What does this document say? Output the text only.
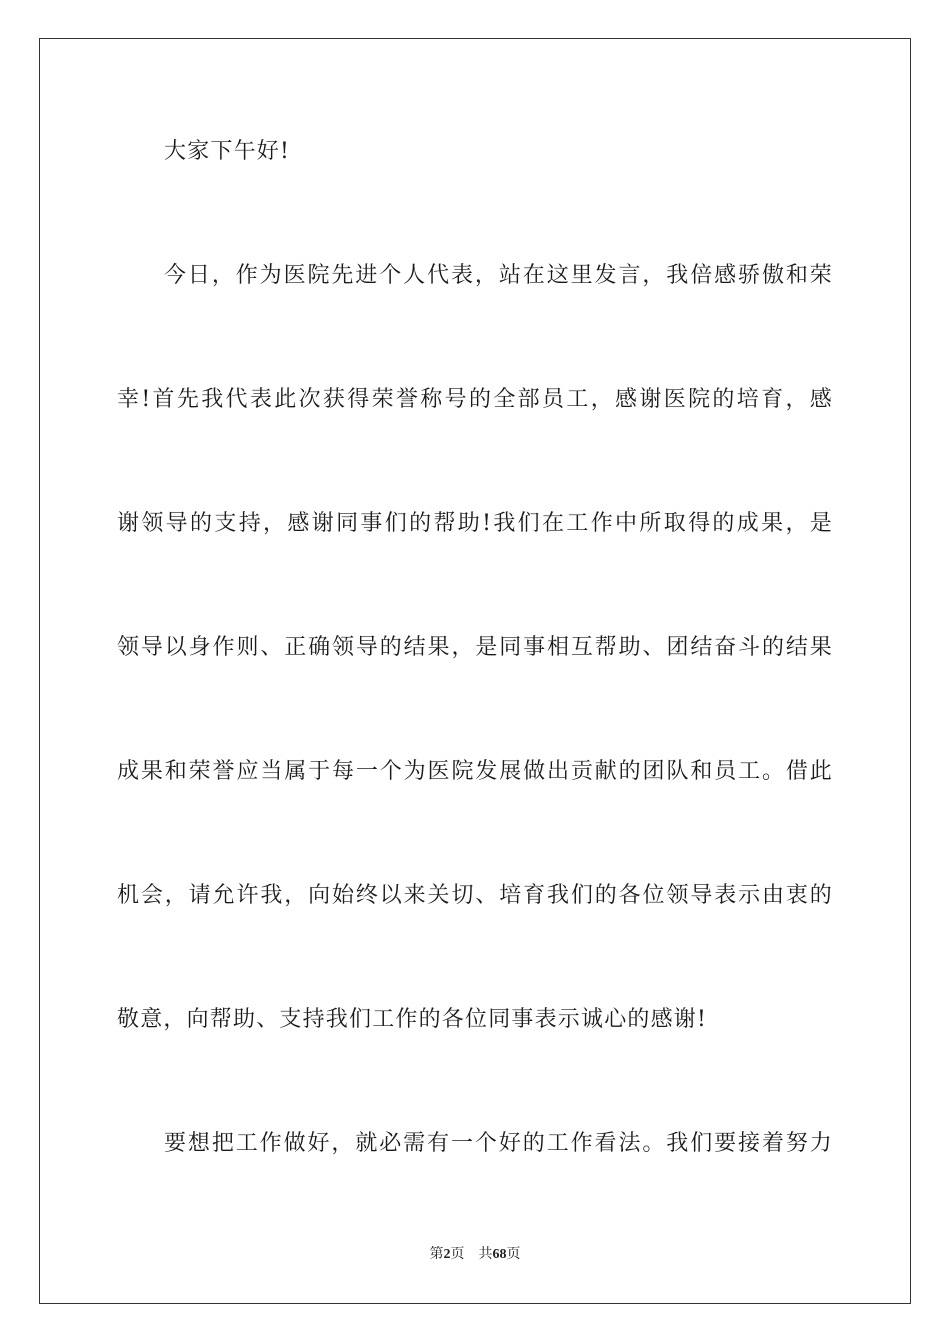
大家下午好!
今日，作为医院先进个人代表，站在这里发言，我倍感骄傲和荣
幸!首先我代表此次获得荣誉称号的全部员工，感谢医院的培育，感
谢领导的支持，感谢同事们的帮助!我们在工作中所取得的成果，是
领导以身作则、正确领导的结果，是同事相互帮助、团结奋斗的结果
成果和荣誉应当属于每一个为医院发展做出贡献的团队和员工。借此
机会，请允许我，向始终以来关切、培育我们的各位领导表示由衷的
敬意，向帮助、支持我们工作的各位同事表示诚心的感谢!
要想把工作做好，就必需有一个好的工作看法。我们要接着努力
第2页 共68页
